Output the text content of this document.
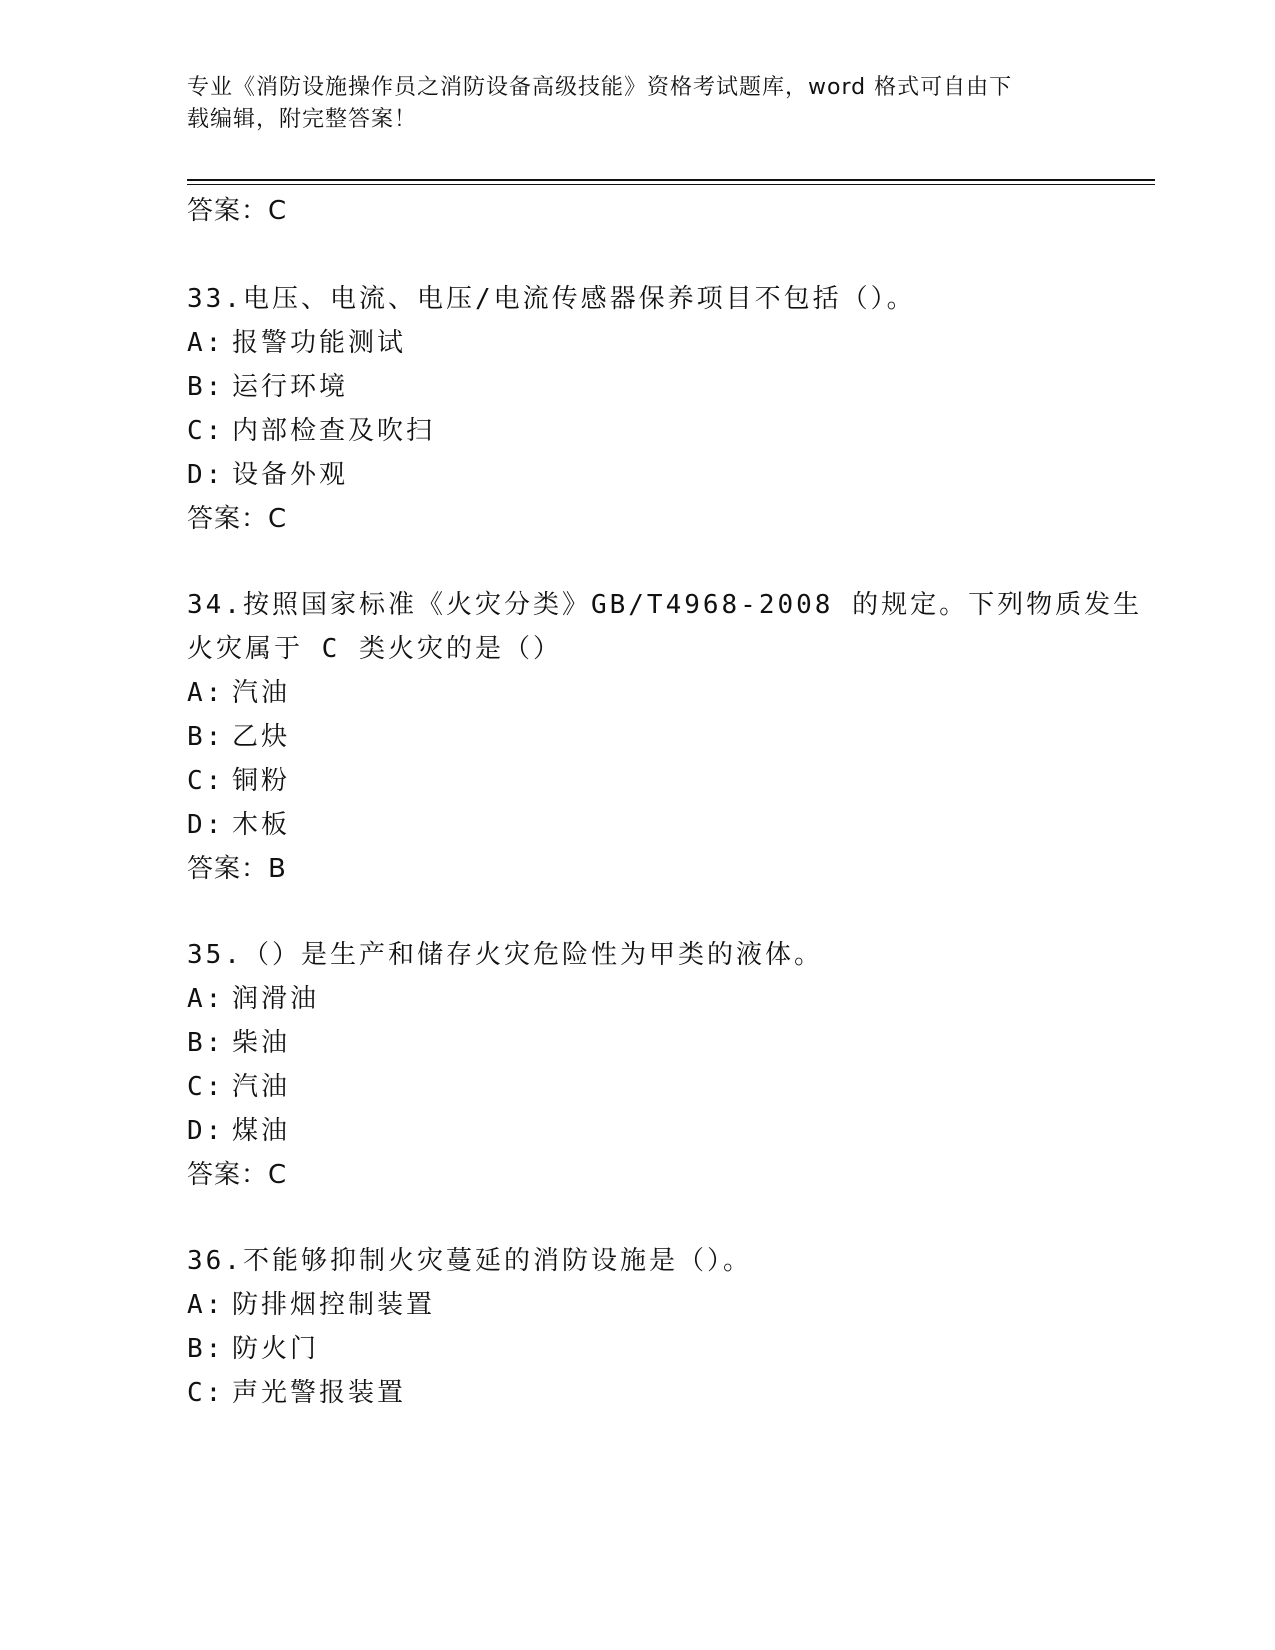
专业《消防设施操作员之消防设备高级技能》资格考试题库，word 格式可自由下
载编辑，附完整答案！
答案：C
33.电压、电流、电压/电流传感器保养项目不包括（）。
A: 报警功能测试
B: 运行环境
C: 内部检查及吹扫
D: 设备外观
答案：C
34.按照国家标准《火灾分类》GB/T4968-2008 的规定。下列物质发生
火灾属于 C 类火灾的是（）
A: 汽油
B: 乙炔
C: 铜粉
D: 木板
答案：B
35.（）是生产和储存火灾危险性为甲类的液体。
A: 润滑油
B: 柴油
C: 汽油
D: 煤油
答案：C
36.不能够抑制火灾蔓延的消防设施是（）。
A: 防排烟控制装置
B: 防火门
C: 声光警报装置
